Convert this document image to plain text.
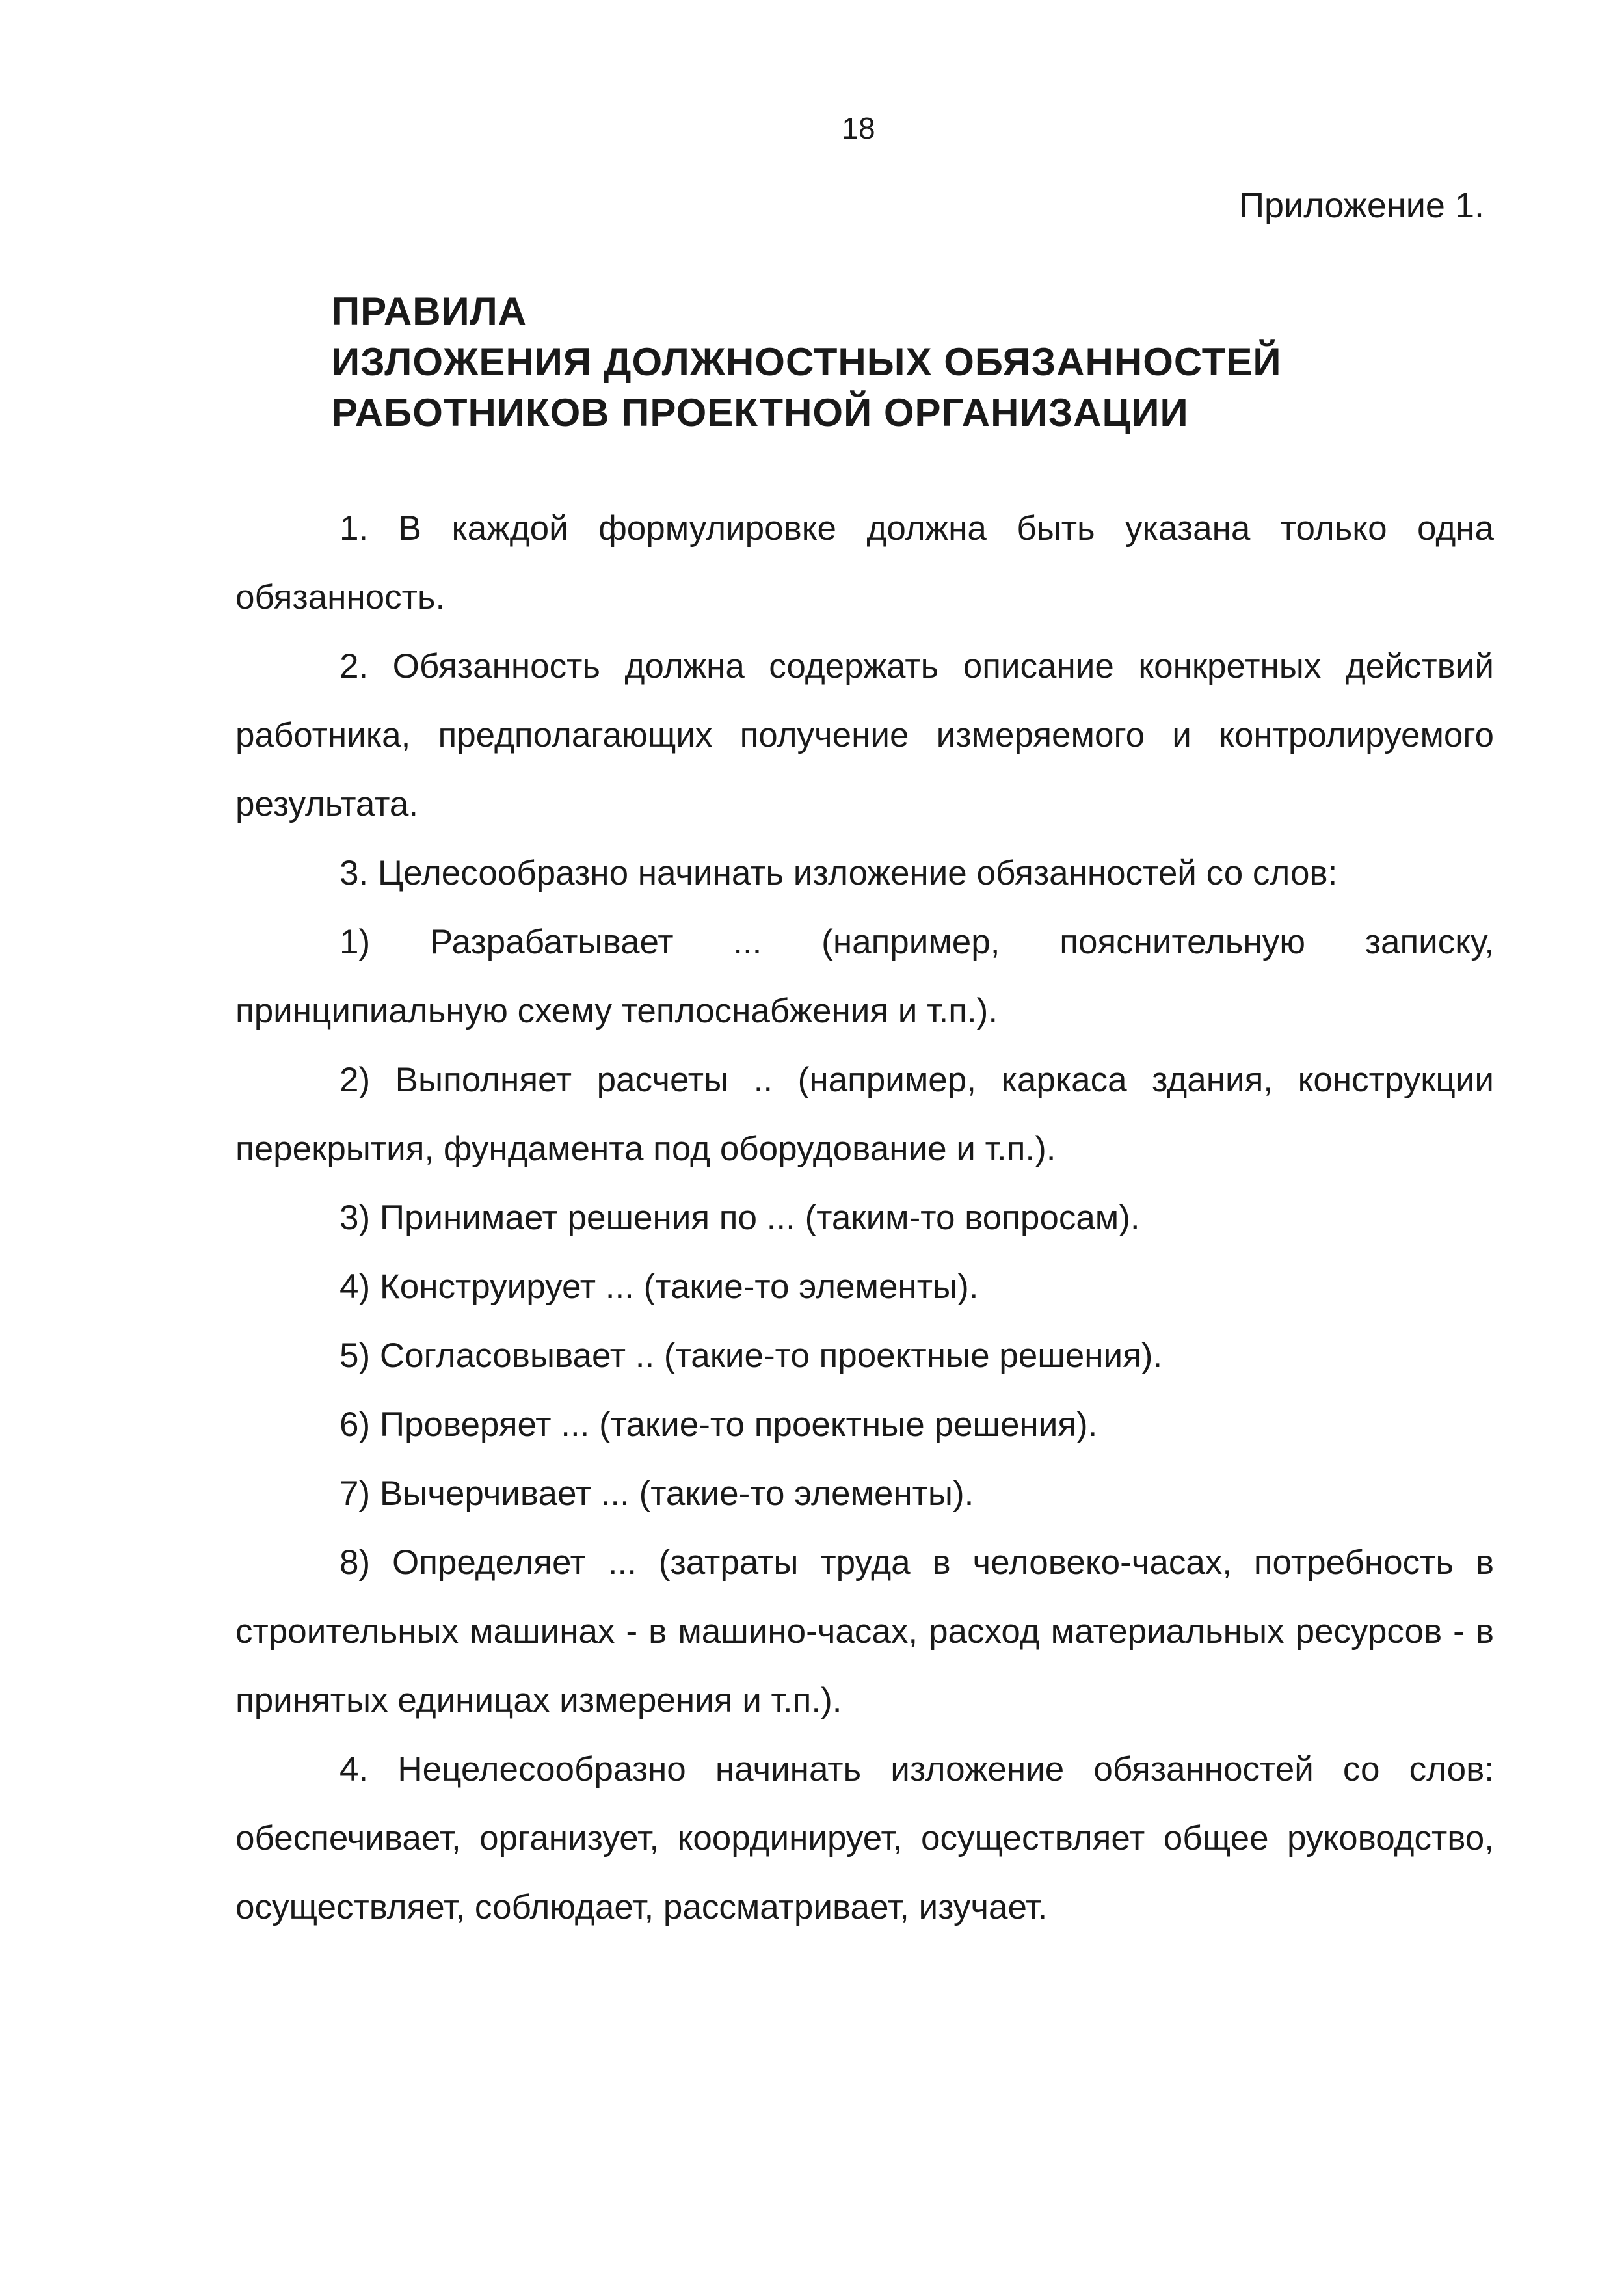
18
Приложение 1.
ПРАВИЛА
ИЗЛОЖЕНИЯ ДОЛЖНОСТНЫХ ОБЯЗАННОСТЕЙ
РАБОТНИКОВ ПРОЕКТНОЙ ОРГАНИЗАЦИИ

1. В каждой формулировке должна быть указана только одна обязанность.

2. Обязанность должна содержать описание конкретных действий работника, предполагающих получение измеряемого и контролируемого результата.

3. Целесообразно начинать изложение обязанностей со слов:

1) Разрабатывает ... (например, пояснительную записку, принципиальную схему теплоснабжения и т.п.).

2) Выполняет расчеты .. (например, каркаса здания, конструкции перекрытия, фундамента под оборудование и т.п.).

3) Принимает решения по ... (таким-то вопросам).

4) Конструирует ... (такие-то элементы).

5) Согласовывает .. (такие-то проектные решения).

6) Проверяет ... (такие-то проектные решения).

7) Вычерчивает ... (такие-то элементы).

8) Определяет ... (затраты труда в человеко-часах, потребность в строительных машинах - в машино-часах, расход материальных ресурсов - в принятых единицах измерения и т.п.).

4. Нецелесообразно начинать изложение обязанностей со слов: обеспечивает, организует, координирует, осуществляет общее руководство, осуществляет, соблюдает, рассматривает, изучает.
